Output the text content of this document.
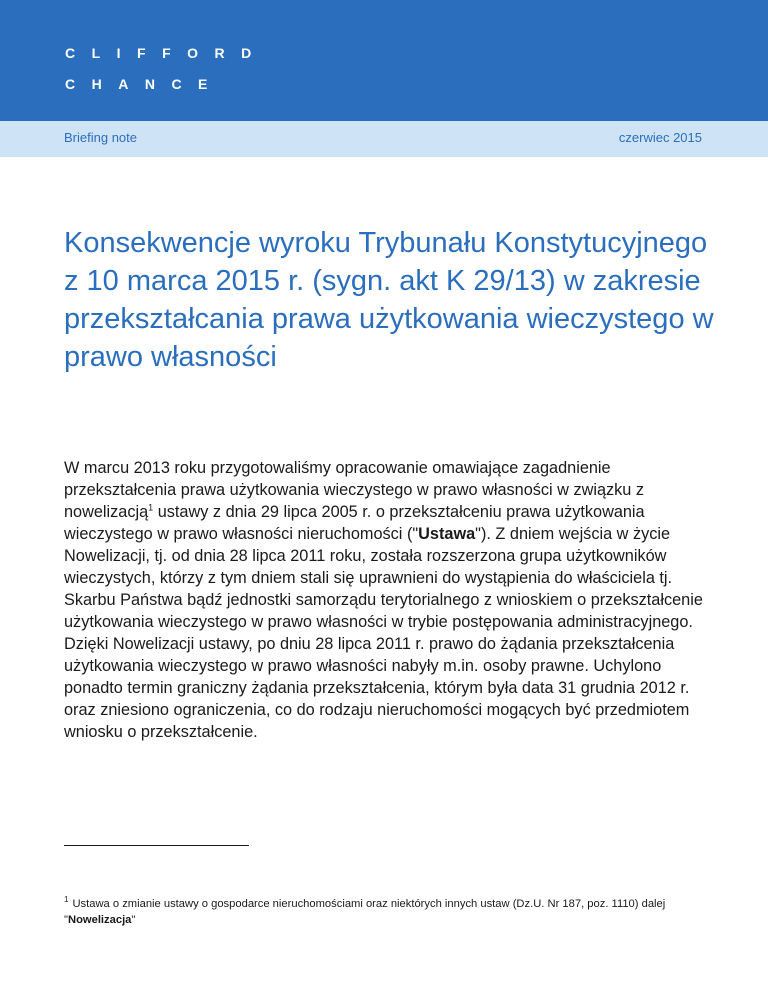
CLIFFORD
CHANCE
Briefing note	czerwiec 2015
Konsekwencje wyroku Trybunału Konstytucyjnego z 10 marca 2015 r. (sygn. akt K 29/13) w zakresie przekształcania prawa użytkowania wieczystego w prawo własności

W marcu 2013 roku przygotowaliśmy opracowanie omawiające zagadnienie przekształcenia prawa użytkowania wieczystego w prawo własności w związku z nowelizacją$^1$ ustawy z dnia 29 lipca 2005 r. o przekształceniu prawa użytkowania wieczystego w prawo własności nieruchomości ("Ustawa"). Z dniem wejścia w życie Nowelizacji, tj. od dnia 28 lipca 2011 roku, została rozszerzona grupa użytkowników wieczystych, którzy z tym dniem stali się uprawnieni do wystąpienia do właściciela tj. Skarbu Państwa bądź jednostki samorządu terytorialnego z wnioskiem o przekształcenie użytkowania wieczystego w prawo własności w trybie postępowania administracyjnego. Dzięki Nowelizacji ustawy, po dniu 28 lipca 2011 r. prawo do żądania przekształcenia użytkowania wieczystego w prawo własności nabyły m.in. osoby prawne. Uchylono ponadto termin graniczny żądania przekształcenia, którym była data 31 grudnia 2012 r. oraz zniesiono ograniczenia, co do rodzaju nieruchomości mogących być przedmiotem wniosku o przekształcenie.

$^1$ Ustawa o zmianie ustawy o gospodarce nieruchomościami oraz niektórych innych ustaw (Dz.U. Nr 187, poz. 1110) dalej "Nowelizacja"
